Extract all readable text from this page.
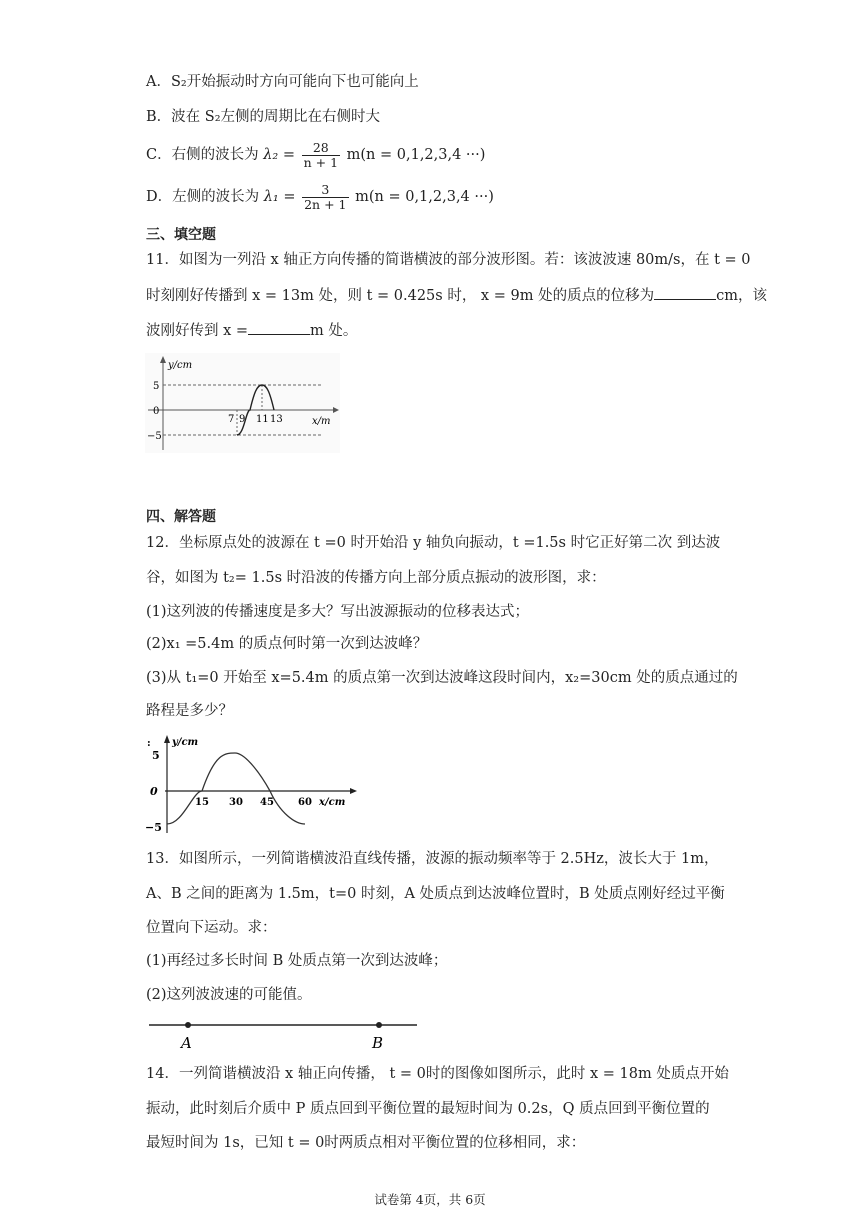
A．S₂开始振动时方向可能向下也可能向上
B．波在 S₂左侧的周期比在右侧时大
C．右侧的波长为 $\lambda_2 = \frac{28}{n + 1} m(n = 0,1,2,3,4$ ···)
D．左侧的波长为 $\lambda_1 = \frac{3}{2n + 1} m(n = 0,1,2,3,4$ ···)
三、填空题
11．如图为一列沿 x 轴正方向传播的简谐横波的部分波形图。若：该波波速 80m/s，在 t = 0
时刻刚好传播到 x = 13m 处，则 t = 0.425s 时， x = 9m 处的质点的位移为	cm，该
波刚好传到 x =	m 处。
y/cm
5
0
−5
7 9 11 13	x/m
四、解答题
12．坐标原点处的波源在 t =0 时开始沿 y 轴负向振动，t =1.5s 时它正好第二次 到达波
谷，如图为 t₂= 1.5s 时沿波的传播方向上部分质点振动的波形图，求：
(1)这列波的传播速度是多大？写出波源振动的位移表达式；
(2)x₁ =5.4m 的质点何时第一次到达波峰？
(3)从 t₁=0 开始至 x=5.4m 的质点第一次到达波峰这段时间内，x₂=30cm 处的质点通过的
路程是多少？
: y/cm
5
0
−5
15 30 45 60 x/cm
13．如图所示，一列简谐横波沿直线传播，波源的振动频率等于 2.5Hz，波长大于 1m，
A、B 之间的距离为 1.5m，t=0 时刻，A 处质点到达波峰位置时，B 处质点刚好经过平衡
位置向下运动。求：
(1)再经过多长时间 B 处质点第一次到达波峰；
(2)这列波波速的可能值。
A	B
14．一列简谐横波沿 x 轴正向传播， t = 0时的图像如图所示，此时 x = 18m 处质点开始
振动，此时刻后介质中 P 质点回到平衡位置的最短时间为 0.2s，Q 质点回到平衡位置的
最短时间为 1s，已知 t = 0时两质点相对平衡位置的位移相同，求：
试卷第 4页，共 6页
